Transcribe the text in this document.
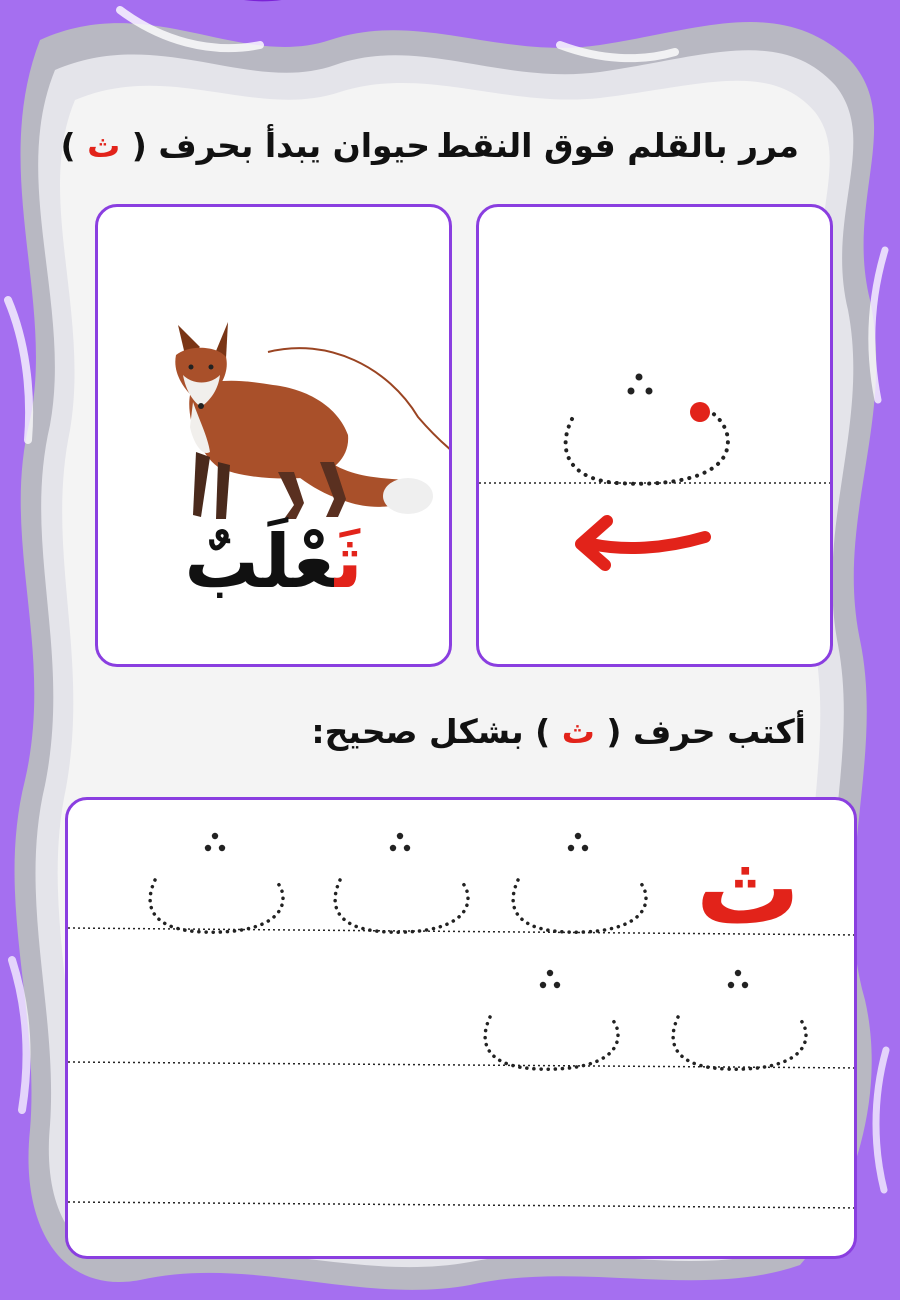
مرر بالقلم فوق النقط
حيوان يبدأ بحرف ( ث )
ثَعْلَبٌ
أكتب حرف ( ث ) بشكل صحيح:
ث
